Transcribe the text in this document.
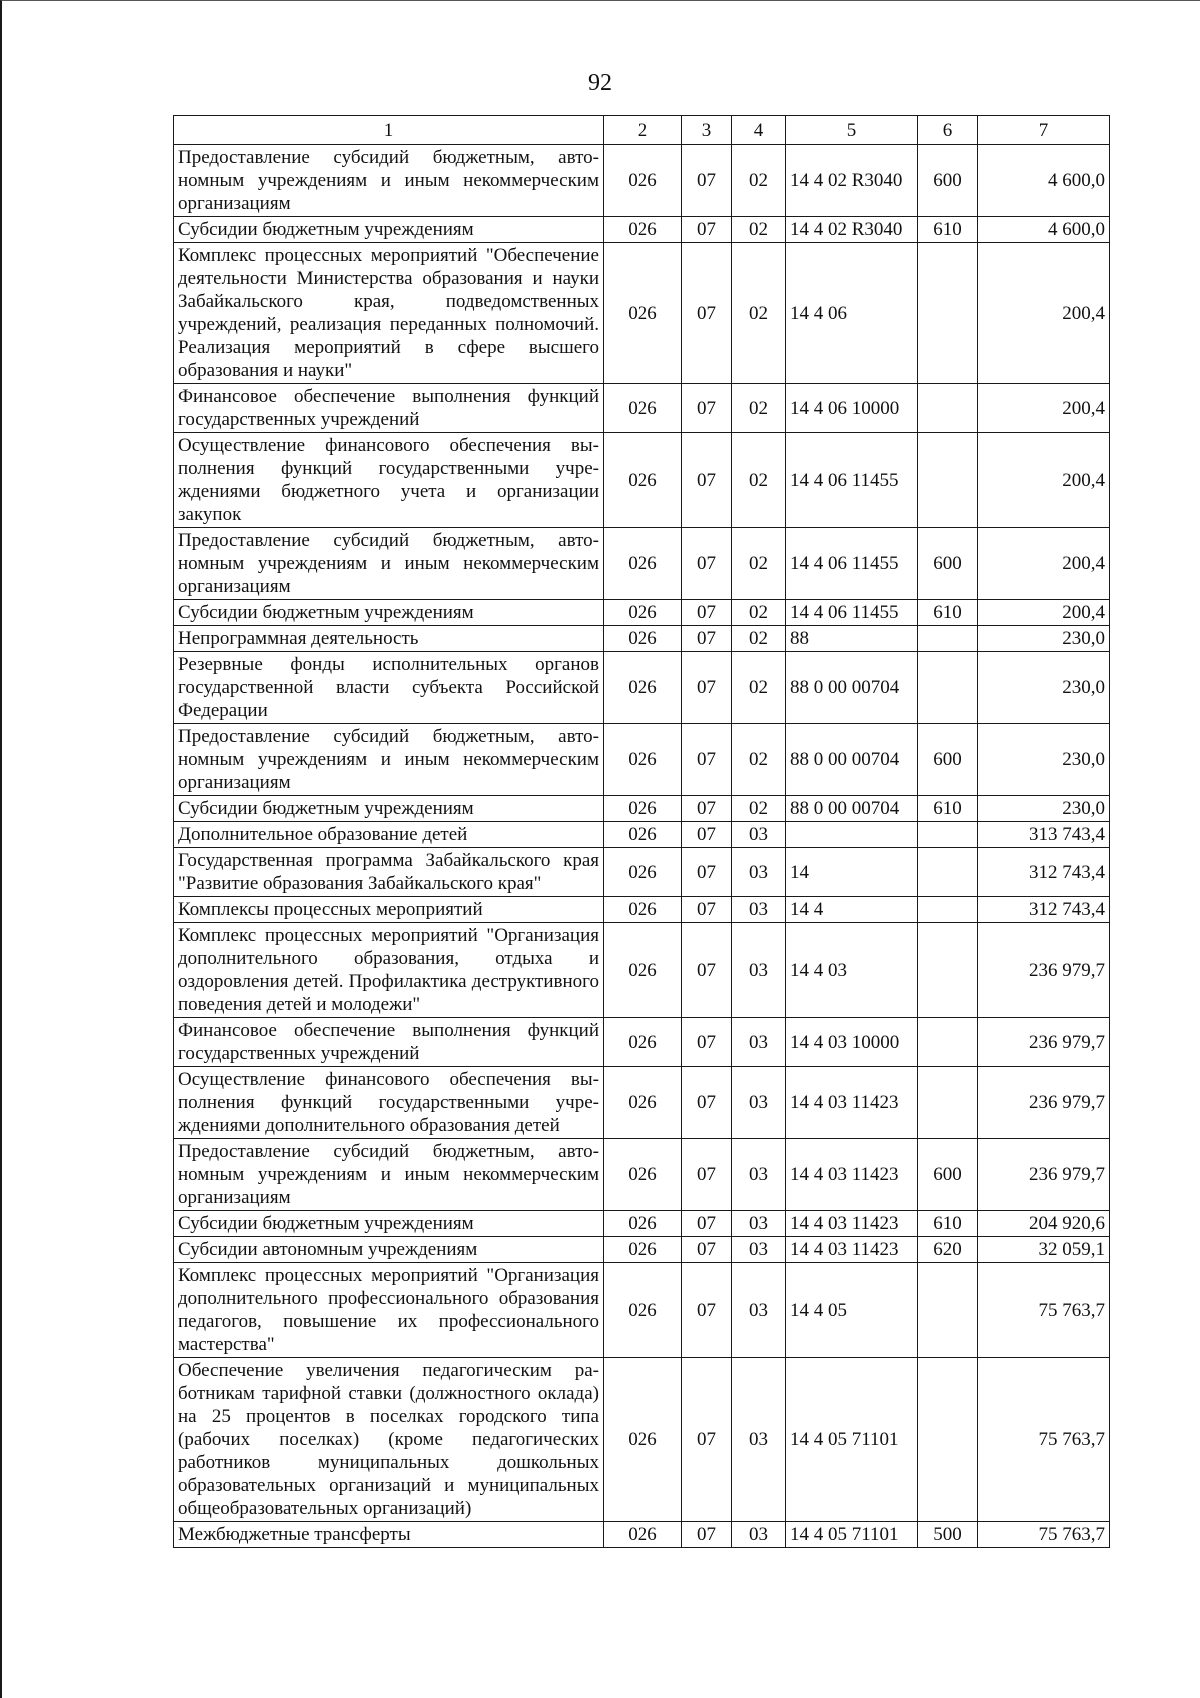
92
1	2	3	4	5	6	7
Предоставление субсидий бюджетным, автономным учреждениям и иным некоммерческим организациям	026	07	02	14 4 02 R3040	600	4 600,0
Субсидии бюджетным учреждениям	026	07	02	14 4 02 R3040	610	4 600,0
Комплекс процессных мероприятий "Обеспечение деятельности Министерства образования и науки Забайкальского края, подведомственных учреждений, реализация переданных полномочий. Реализация мероприятий в сфере высшего образования и науки"	026	07	02	14 4 06		200,4
Финансовое обеспечение выполнения функций государственных учреждений	026	07	02	14 4 06 10000		200,4
Осуществление финансового обеспечения выполнения функций государственными учреждениями бюджетного учета и организации закупок	026	07	02	14 4 06 11455		200,4
Предоставление субсидий бюджетным, автономным учреждениям и иным некоммерческим организациям	026	07	02	14 4 06 11455	600	200,4
Субсидии бюджетным учреждениям	026	07	02	14 4 06 11455	610	200,4
Непрограммная деятельность	026	07	02	88		230,0
Резервные фонды исполнительных органов государственной власти субъекта Российской Федерации	026	07	02	88 0 00 00704		230,0
Предоставление субсидий бюджетным, автономным учреждениям и иным некоммерческим организациям	026	07	02	88 0 00 00704	600	230,0
Субсидии бюджетным учреждениям	026	07	02	88 0 00 00704	610	230,0
Дополнительное образование детей	026	07	03			313 743,4
Государственная программа Забайкальского края "Развитие образования Забайкальского края"	026	07	03	14		312 743,4
Комплексы процессных мероприятий	026	07	03	14 4		312 743,4
Комплекс процессных мероприятий "Организация дополнительного образования, отдыха и оздоровления детей. Профилактика деструктивного поведения детей и молодежи"	026	07	03	14 4 03		236 979,7
Финансовое обеспечение выполнения функций государственных учреждений	026	07	03	14 4 03 10000		236 979,7
Осуществление финансового обеспечения выполнения функций государственными учреждениями дополнительного образования детей	026	07	03	14 4 03 11423		236 979,7
Предоставление субсидий бюджетным, автономным учреждениям и иным некоммерческим организациям	026	07	03	14 4 03 11423	600	236 979,7
Субсидии бюджетным учреждениям	026	07	03	14 4 03 11423	610	204 920,6
Субсидии автономным учреждениям	026	07	03	14 4 03 11423	620	32 059,1
Комплекс процессных мероприятий "Организация дополнительного профессионального образования педагогов, повышение их профессионального мастерства"	026	07	03	14 4 05		75 763,7
Обеспечение увеличения педагогическим работникам тарифной ставки (должностного оклада) на 25 процентов в поселках городского типа (рабочих поселках) (кроме педагогических работников муниципальных дошкольных образовательных организаций и муниципальных общеобразовательных организаций)	026	07	03	14 4 05 71101		75 763,7
Межбюджетные трансферты	026	07	03	14 4 05 71101	500	75 763,7
